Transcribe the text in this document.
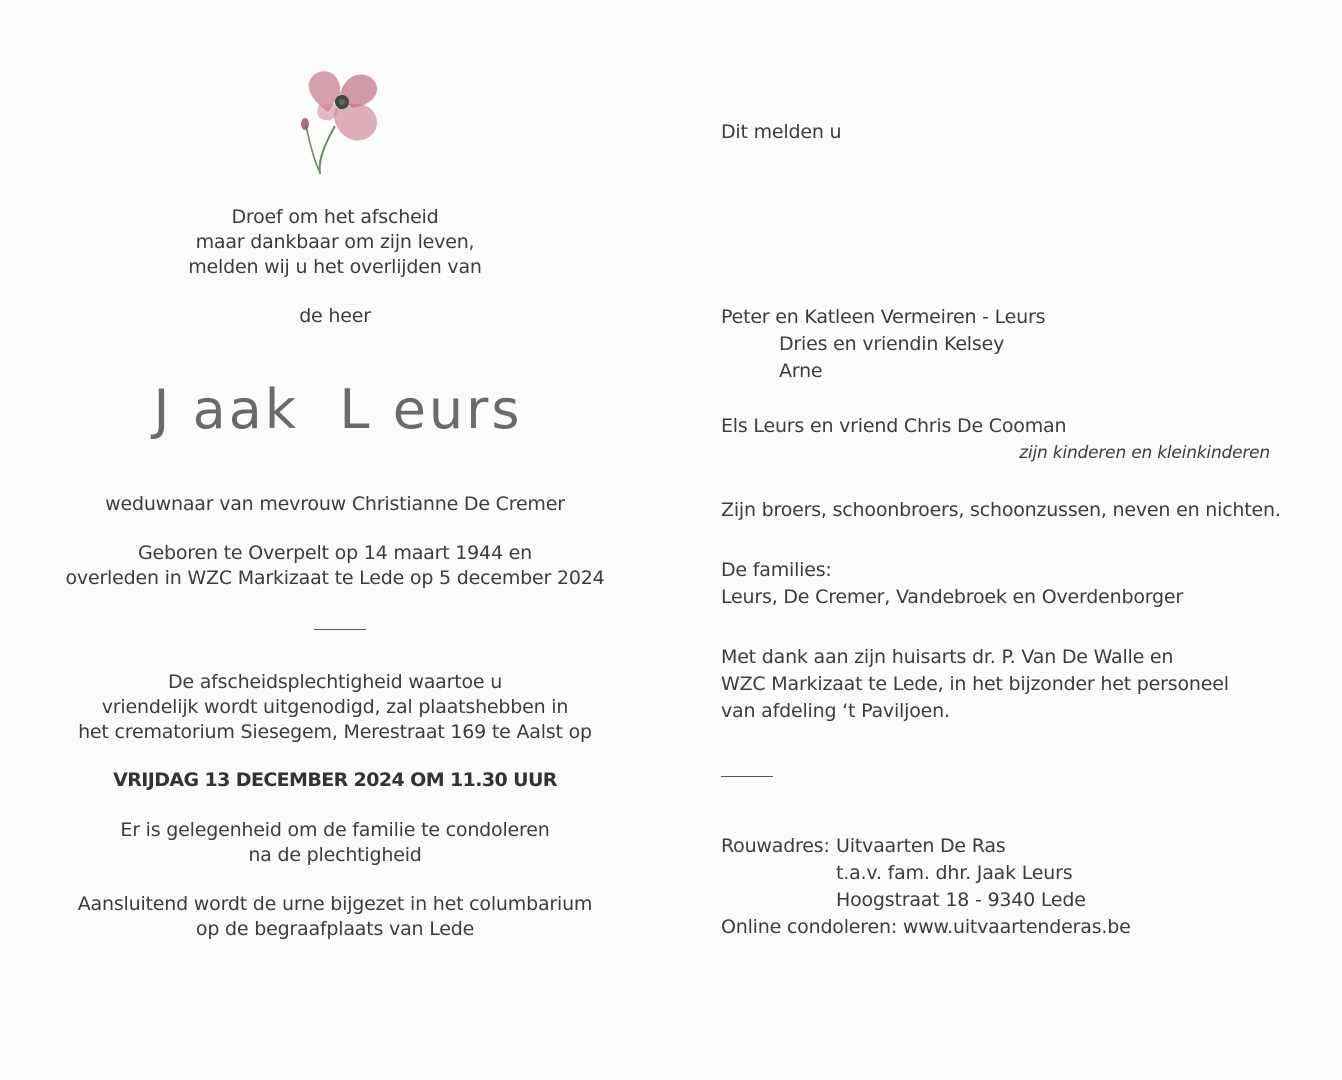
Droef om het afscheid
maar dankbaar om zijn leven,
melden wij u het overlijden van
de heer
J aak L eurs
weduwnaar van mevrouw Christianne De Cremer
Geboren te Overpelt op 14 maart 1944 en
overleden in WZC Markizaat te Lede op 5 december 2024
De afscheidsplechtigheid waartoe u
vriendelijk wordt uitgenodigd, zal plaatshebben in
het crematorium Siesegem, Merestraat 169 te Aalst op
VRIJDAG 13 DECEMBER 2024 OM 11.30 UUR
Er is gelegenheid om de familie te condoleren
na de plechtigheid
Aansluitend wordt de urne bijgezet in het columbarium
op de begraafplaats van Lede
Dit melden u
Peter en Katleen Vermeiren - Leurs
Dries en vriendin Kelsey
Arne
Els Leurs en vriend Chris De Cooman
zijn kinderen en kleinkinderen
Zijn broers, schoonbroers, schoonzussen, neven en nichten.
De families:
Leurs, De Cremer, Vandebroek en Overdenborger
Met dank aan zijn huisarts dr. P. Van De Walle en
WZC Markizaat te Lede, in het bijzonder het personeel
van afdeling ‘t Paviljoen.
Rouwadres: Uitvaarten De Ras
t.a.v. fam. dhr. Jaak Leurs
Hoogstraat 18 - 9340 Lede
Online condoleren: www.uitvaartenderas.be
